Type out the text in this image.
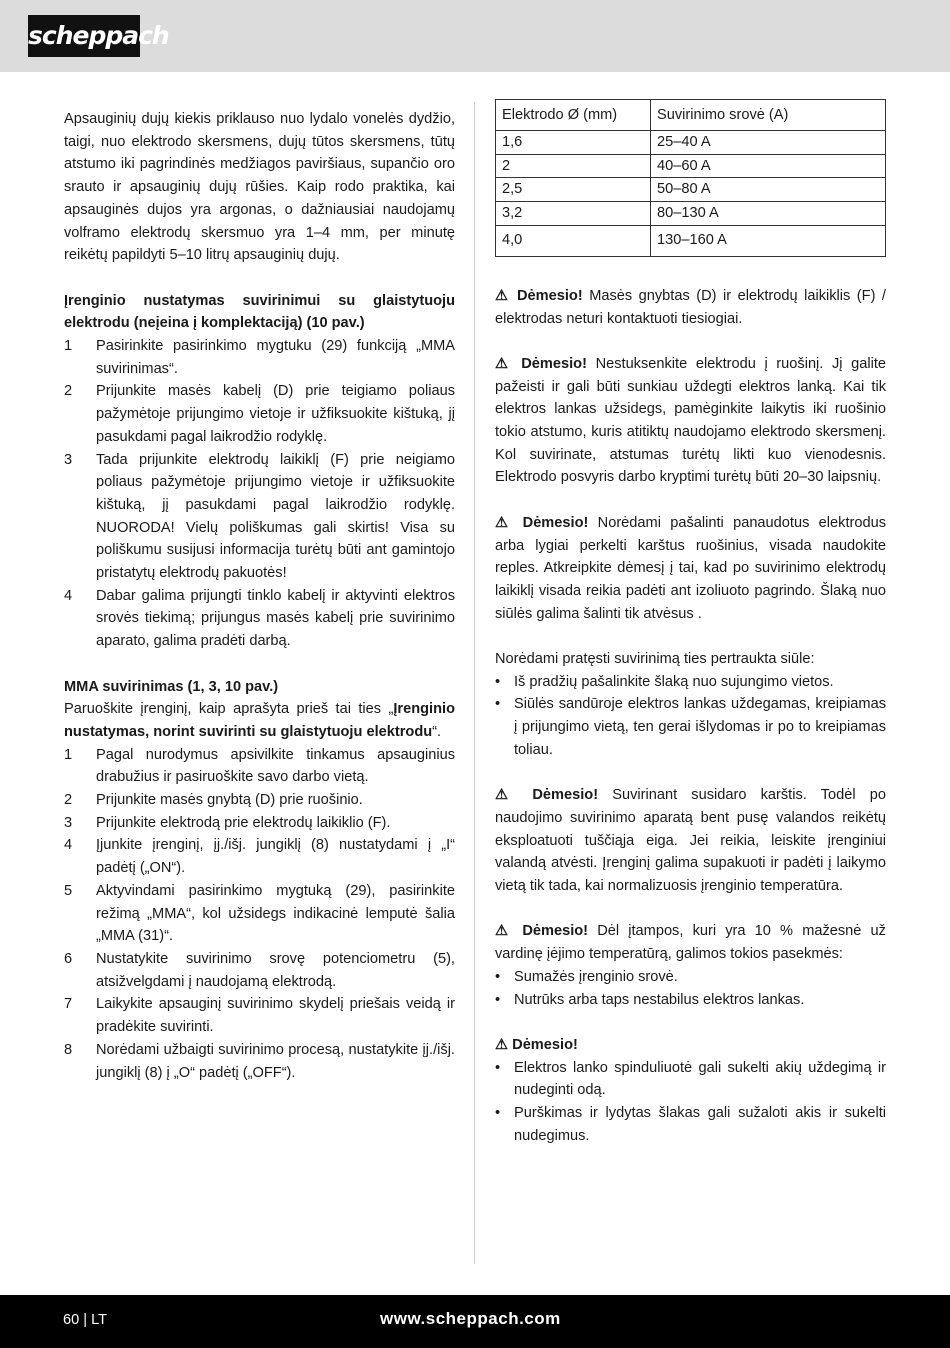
scheppach

Apsauginių dujų kiekis priklauso nuo lydalo vonelės dydžio, taigi, nuo elektrodo skersmens, dujų tūtos skersmens, tūtų atstumo iki pagrindinės medžiagos paviršiaus, supančio oro srauto ir apsauginių dujų rūšies. Kaip rodo praktika, kai apsauginės dujos yra argonas, o dažniausiai naudojamų volframo elektrodų skersmuo yra 1–4 mm, per minutę reikėtų papildyti 5–10 litrų apsauginių dujų.

Įrenginio nustatymas suvirinimui su glaistytuoju elektrodu (neįeina į komplektaciją) (10 pav.)

1 Pasirinkite pasirinkimo mygtuku (29) funkciją „MMA suvirinimas“.
2 Prijunkite masės kabelį (D) prie teigiamo poliaus pažymėtoje prijungimo vietoje ir užfiksuokite kištuką, jį pasukdami pagal laikrodžio rodyklę.
3 Tada prijunkite elektrodų laikiklį (F) prie neigiamo poliaus pažymėtoje prijungimo vietoje ir užfiksuokite kištuką, jį pasukdami pagal laikrodžio rodyklę. NUORODA! Vielų poliškumas gali skirtis! Visa su poliškumu susijusi informacija turėtų būti ant gamintojo pristatytų elektrodų pakuotės!
4 Dabar galima prijungti tinklo kabelį ir aktyvinti elektros srovės tiekimą; prijungus masės kabelį prie suvirinimo aparato, galima pradėti darbą.

MMA suvirinimas (1, 3, 10 pav.)

Paruoškite įrenginį, kaip aprašyta prieš tai ties „Įrenginio nustatymas, norint suvirinti su glaistytuoju elektrodu“.

1 Pagal nurodymus apsivilkite tinkamus apsauginius drabužius ir pasiruoškite savo darbo vietą.
2 Prijunkite masės gnybtą (D) prie ruošinio.
3 Prijunkite elektrodą prie elektrodų laikiklio (F).
4 Įjunkite įrenginį, įj./išj. jungiklį (8) nustatydami į „I“ padėtį („ON“).
5 Aktyvindami pasirinkimo mygtuką (29), pasirinkite režimą „MMA“, kol užsidegs indikacinė lemputė šalia „MMA (31)“.
6 Nustatykite suvirinimo srovę potenciometru (5), atsižvelgdami į naudojamą elektrodą.
7 Laikykite apsauginį suvirinimo skydelį priešais veidą ir pradėkite suvirinti.
8 Norėdami užbaigti suvirinimo procesą, nustatykite įj./išj. jungiklį (8) į „O“ padėtį („OFF“).
Elektrodo Ø (mm)	Suvirinimo srovė (A)
1,6	25–40 A
2	40–60 A
2,5	50–80 A
3,2	80–130 A
4,0	130–160 A

⚠ Dėmesio! Masės gnybtas (D) ir elektrodų laikiklis (F) / elektrodas neturi kontaktuoti tiesiogiai.

⚠ Dėmesio! Nestuksenkite elektrodu į ruošinį. Jį galite pažeisti ir gali būti sunkiau uždegti elektros lanką. Kai tik elektros lankas užsidegs, pamėginkite laikytis iki ruošinio tokio atstumo, kuris atitiktų naudojamo elektrodo skersmenį. Kol suvirinate, atstumas turėtų likti kuo vienodesnis. Elektrodo posvyris darbo kryptimi turėtų būti 20–30 laipsnių.

⚠ Dėmesio! Norėdami pašalinti panaudotus elektrodus arba lygiai perkelti karštus ruošinius, visada naudokite reples. Atkreipkite dėmesį į tai, kad po suvirinimo elektrodų laikiklį visada reikia padėti ant izoliuoto pagrindo. Šlaką nuo siūlės galima šalinti tik atvėsus .

Norėdami pratęsti suvirinimą ties pertraukta siūle:

• Iš pradžių pašalinkite šlaką nuo sujungimo vietos.
• Siūlės sandūroje elektros lankas uždegamas, kreipiamas į prijungimo vietą, ten gerai išlydomas ir po to kreipiamas toliau.

⚠ Dėmesio! Suvirinant susidaro karštis. Todėl po naudojimo suvirinimo aparatą bent pusę valandos reikėtų eksploatuoti tuščiąja eiga. Jei reikia, leiskite įrenginiui valandą atvėsti. Įrenginį galima supakuoti ir padėti į laikymo vietą tik tada, kai normalizuosis įrenginio temperatūra.

⚠ Dėmesio! Dėl įtampos, kuri yra 10 % mažesnė už vardinę įėjimo temperatūrą, galimos tokios pasekmės:

• Sumažės įrenginio srovė.
• Nutrūks arba taps nestabilus elektros lankas.

⚠ Dėmesio!

• Elektros lanko spinduliuotė gali sukelti akių uždegimą ir nudeginti odą.
• Purškimas ir lydytas šlakas gali sužaloti akis ir sukelti nudegimus.
60 | LT	www.scheppach.com
